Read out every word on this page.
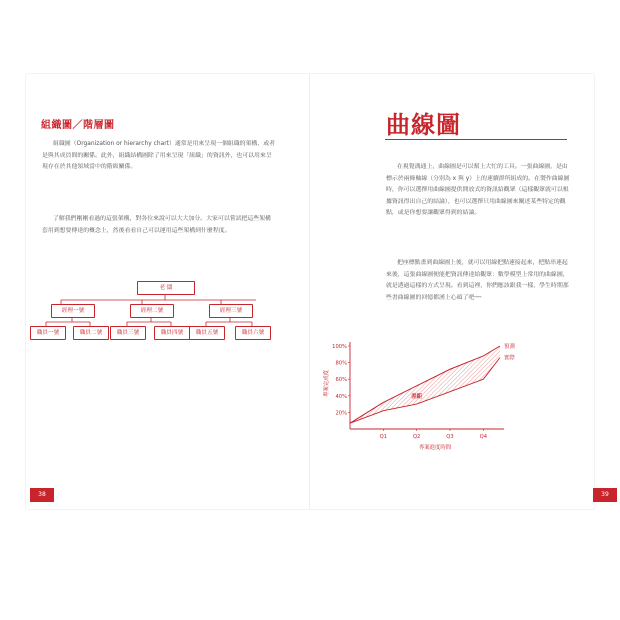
組織圖／階層圖

組織圖（Organization or hierarchy chart）通常是用來呈現一個組織的架構，或者是與其成員間的關係。此外，組織結構圖除了用來呈現「組織」的資訊外，也可以用來呈現存在於其他領域當中的階級關係。

了解我們剛剛看過的這張架構，對各位來說可以大大加分。大家可以嘗試把這些架構套用到想要傳達的概念上，然後看看自己可以運用這些架構到什麼程度。

老 闆
經理一號	經理二號	經理三號
職員一號	職員二號	職員三號	職員四號	職員五號	職員六號
曲線圖

在視覺溝通上，曲線圖是可以幫上大忙的工具。一張曲線圖，是由標示於兩條軸線（分別為 x 與 y）上的連續群所組成的。在製作曲線圖時，你可以選擇用曲線圖提供開放式的資訊給觀眾（這樣觀眾就可以根據資訊得出自己的結論），也可以選擇只用曲線圖來闡述某些特定的觀點，或是你想要讓觀眾得到的結論。

把座標點畫到曲線圖上後，就可以用線把點連接起來，把點串連起來後，這張曲線圖便能把資訊傳達給觀眾：數學模型上常用的曲線圖，就是透過這樣的方式呈現。看到這裡，你們應該跟我一樣，學生時期那些書曲線圖的回憶都湧上心頭了吧──

20%
40%
60%
80%
100%
Q1	Q2	Q3	Q4
預測
實際
差距
專案進度時間
專案完成度
38	39
